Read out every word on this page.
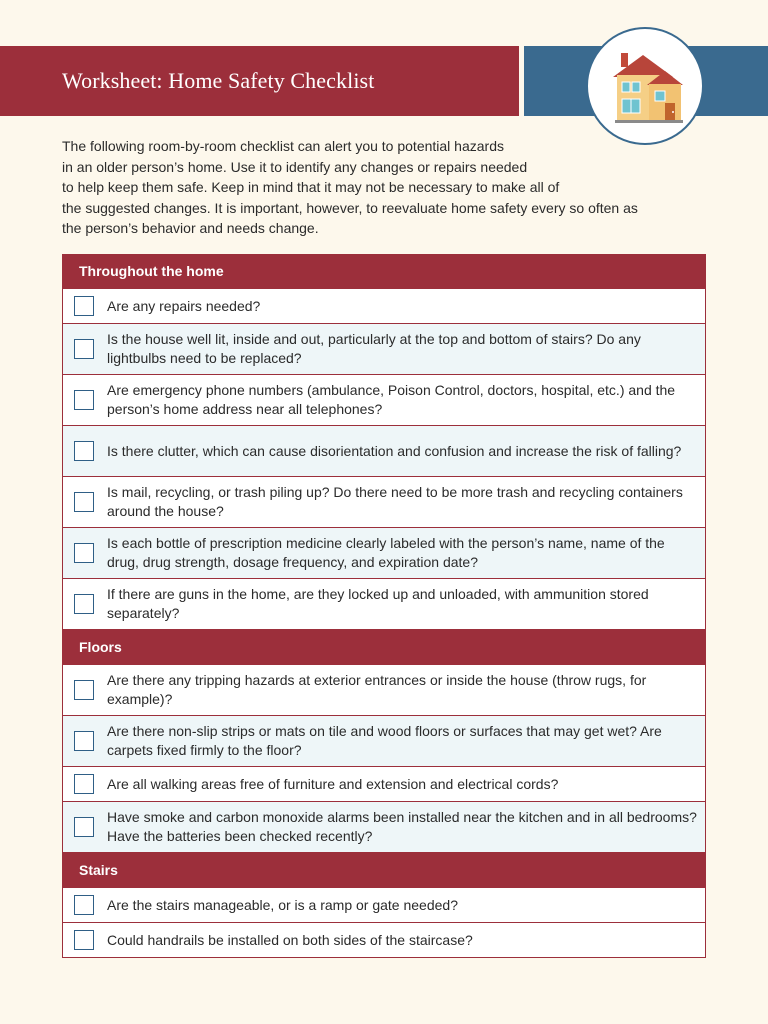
Worksheet: Home Safety Checklist
The following room-by-room checklist can alert you to potential hazards
in an older person’s home. Use it to identify any changes or repairs needed
to help keep them safe. Keep in mind that it may not be necessary to make all of
the suggested changes. It is important, however, to reevaluate home safety every so often as
the person’s behavior and needs change.
Throughout the home
Are any repairs needed?
Is the house well lit, inside and out, particularly at the top and bottom of stairs? Do any lightbulbs need to be replaced?
Are emergency phone numbers (ambulance, Poison Control, doctors, hospital, etc.) and the person’s home address near all telephones?
Is there clutter, which can cause disorientation and confusion and increase the risk of falling?
Is mail, recycling, or trash piling up? Do there need to be more trash and recycling containers around the house?
Is each bottle of prescription medicine clearly labeled with the person’s name, name of the drug, drug strength, dosage frequency, and expiration date?
If there are guns in the home, are they locked up and unloaded, with ammunition stored separately?
Floors
Are there any tripping hazards at exterior entrances or inside the house (throw rugs, for example)?
Are there non-slip strips or mats on tile and wood floors or surfaces that may get wet? Are carpets fixed firmly to the floor?
Are all walking areas free of furniture and extension and electrical cords?
Have smoke and carbon monoxide alarms been installed near the kitchen and in all bedrooms? Have the batteries been checked recently?
Stairs
Are the stairs manageable, or is a ramp or gate needed?
Could handrails be installed on both sides of the staircase?
